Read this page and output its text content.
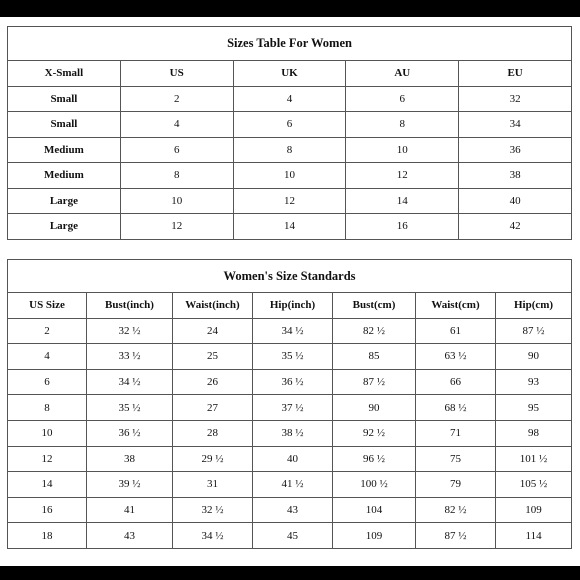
Sizes Table For Women				
X-Small	US	UK	AU	EU
Small	2	4	6	32
Small	4	6	8	34
Medium	6	8	10	36
Medium	8	10	12	38
Large	10	12	14	40
Large	12	14	16	42
Women's Size Standards						
US Size	Bust(inch)	Waist(inch)	Hip(inch)	Bust(cm)	Waist(cm)	Hip(cm)
2	32 ½	24	34 ½	82 ½	61	87 ½
4	33 ½	25	35 ½	85	63 ½	90
6	34 ½	26	36 ½	87 ½	66	93
8	35 ½	27	37 ½	90	68 ½	95
10	36 ½	28	38 ½	92 ½	71	98
12	38	29 ½	40	96 ½	75	101 ½
14	39 ½	31	41 ½	100 ½	79	105 ½
16	41	32 ½	43	104	82 ½	109
18	43	34 ½	45	109	87 ½	114
